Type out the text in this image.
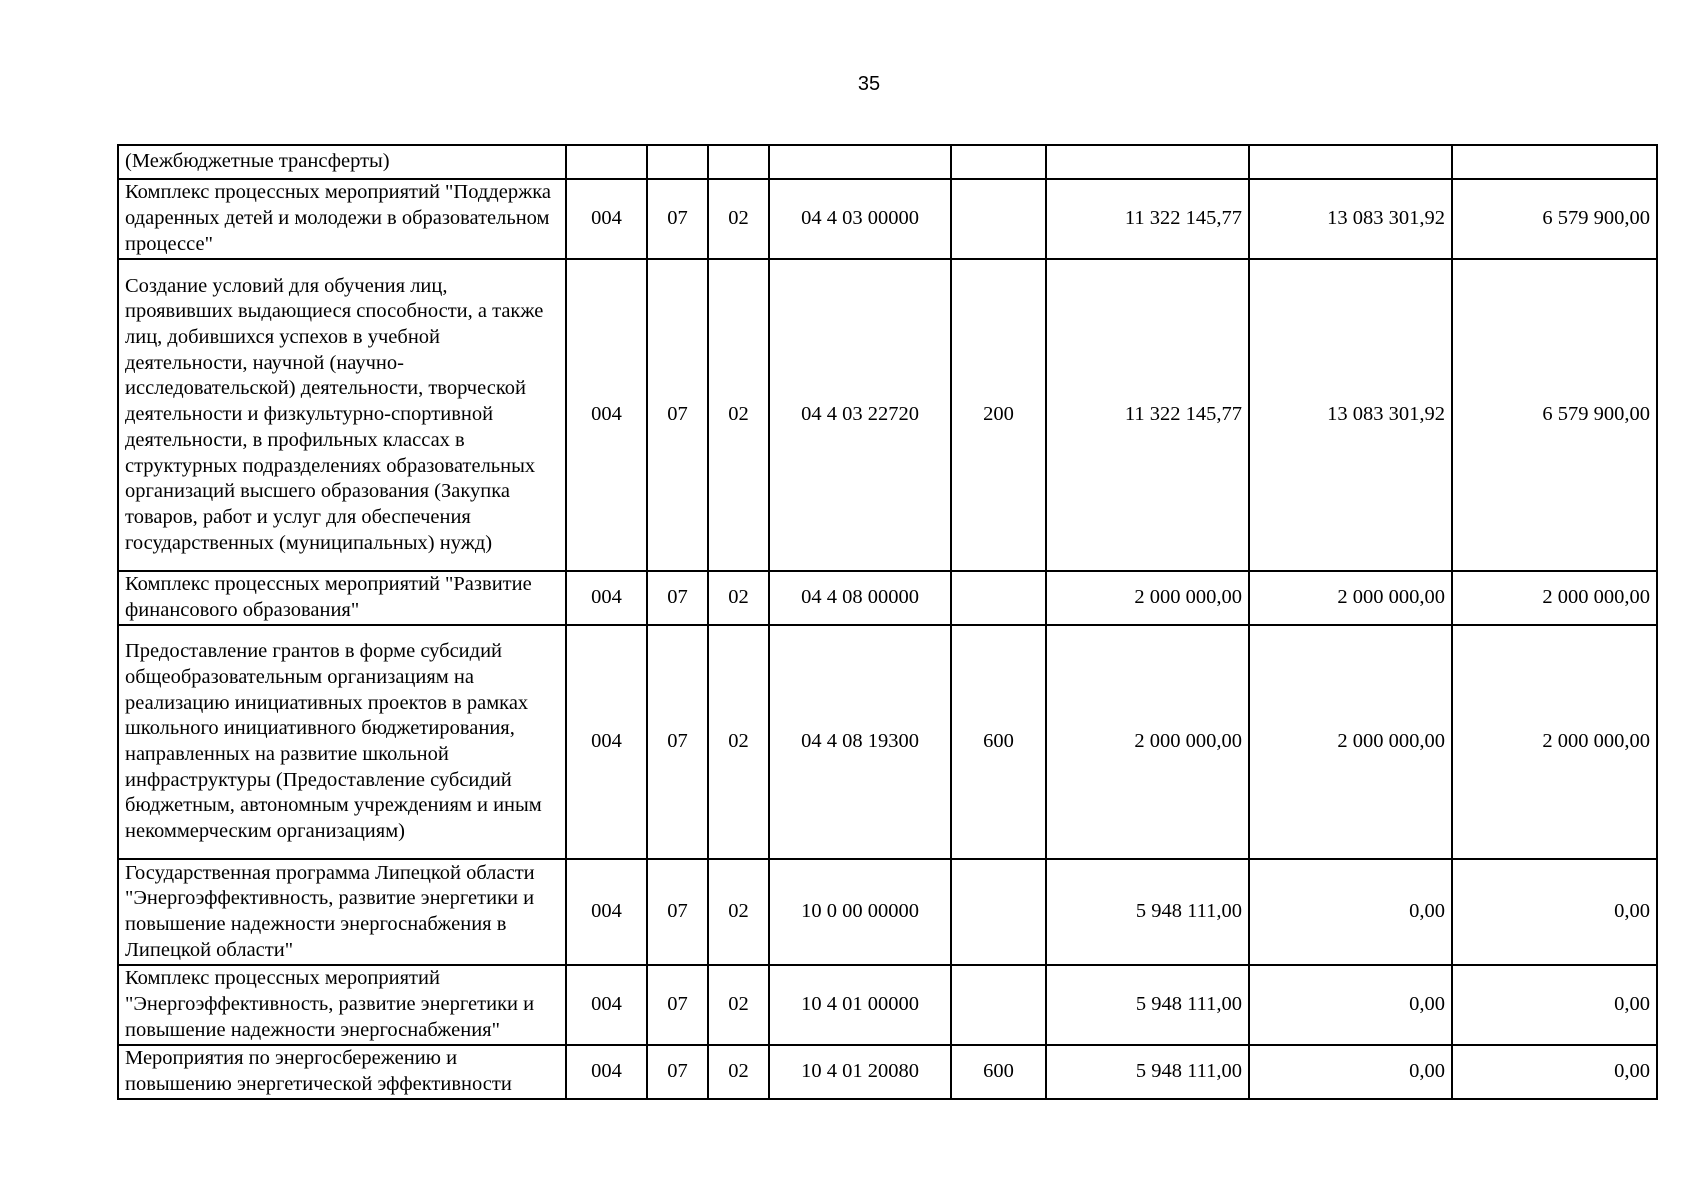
35
(Межбюджетные трансферты)								
Комплекс процессных мероприятий "Поддержка одаренных детей и молодежи в образовательном процессе"	004	07	02	04 4 03 00000		11 322 145,77	13 083 301,92	6 579 900,00
Создание условий для обучения лиц, проявивших выдающиеся способности, а также лиц, добившихся успехов в учебной деятельности, научной (научно-исследовательской) деятельности, творческой деятельности и физкультурно-спортивной деятельности, в профильных классах в структурных подразделениях образовательных организаций высшего образования (Закупка товаров, работ и услуг для обеспечения государственных (муниципальных) нужд)	004	07	02	04 4 03 22720	200	11 322 145,77	13 083 301,92	6 579 900,00
Комплекс процессных мероприятий "Развитие финансового образования"	004	07	02	04 4 08 00000		2 000 000,00	2 000 000,00	2 000 000,00
Предоставление грантов в форме субсидий общеобразовательным организациям на реализацию инициативных проектов в рамках школьного инициативного бюджетирования, направленных на развитие школьной инфраструктуры (Предоставление субсидий бюджетным, автономным учреждениям и иным некоммерческим организациям)	004	07	02	04 4 08 19300	600	2 000 000,00	2 000 000,00	2 000 000,00
Государственная программа Липецкой области "Энергоэффективность, развитие энергетики и повышение надежности энергоснабжения в Липецкой области"	004	07	02	10 0 00 00000		5 948 111,00	0,00	0,00
Комплекс процессных мероприятий "Энергоэффективность, развитие энергетики и повышение надежности энергоснабжения"	004	07	02	10 4 01 00000		5 948 111,00	0,00	0,00
Мероприятия по энергосбережению и повышению энергетической эффективности	004	07	02	10 4 01 20080	600	5 948 111,00	0,00	0,00
